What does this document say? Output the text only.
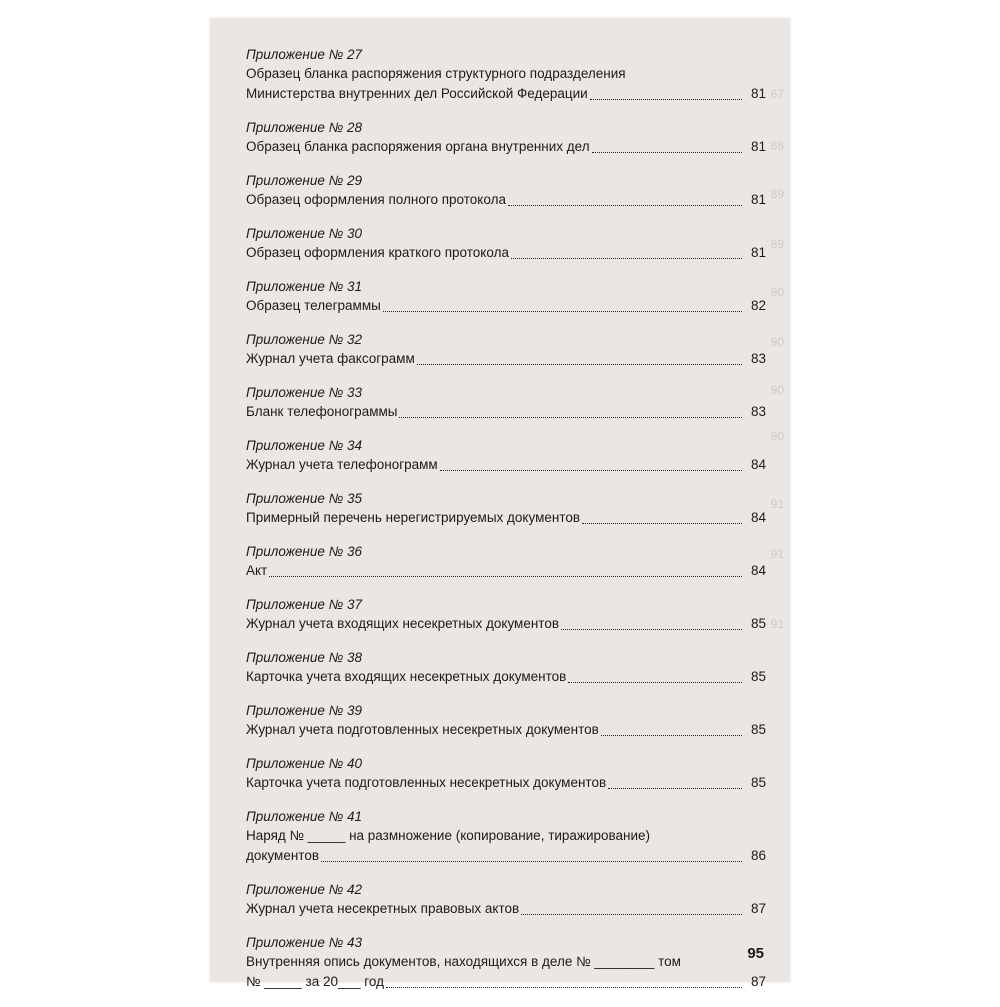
67
68
89
89
90
90
90
90
91
91
91
Приложение № 27
Образец бланка распоряжения структурного подразделения
Министерства внутренних дел Российской Федерации	81
Приложение № 28
Образец бланка распоряжения органа внутренних дел	81
Приложение № 29
Образец оформления полного протокола	81
Приложение № 30
Образец оформления краткого протокола	81
Приложение № 31
Образец телеграммы	82
Приложение № 32
Журнал учета факсограмм	83
Приложение № 33
Бланк телефонограммы	83
Приложение № 34
Журнал учета телефонограмм	84
Приложение № 35
Примерный перечень нерегистрируемых документов	84
Приложение № 36
Акт	84
Приложение № 37
Журнал учета входящих несекретных документов	85
Приложение № 38
Карточка учета входящих несекретных документов	85
Приложение № 39
Журнал учета подготовленных несекретных документов	85
Приложение № 40
Карточка учета подготовленных несекретных документов	85
Приложение № 41
Наряд № _____ на размножение (копирование, тиражирование)
документов	86
Приложение № 42
Журнал учета несекретных правовых актов	87
Приложение № 43
Внутренняя опись документов, находящихся в деле № ________ том
№ _____ за 20___ год	87
95
